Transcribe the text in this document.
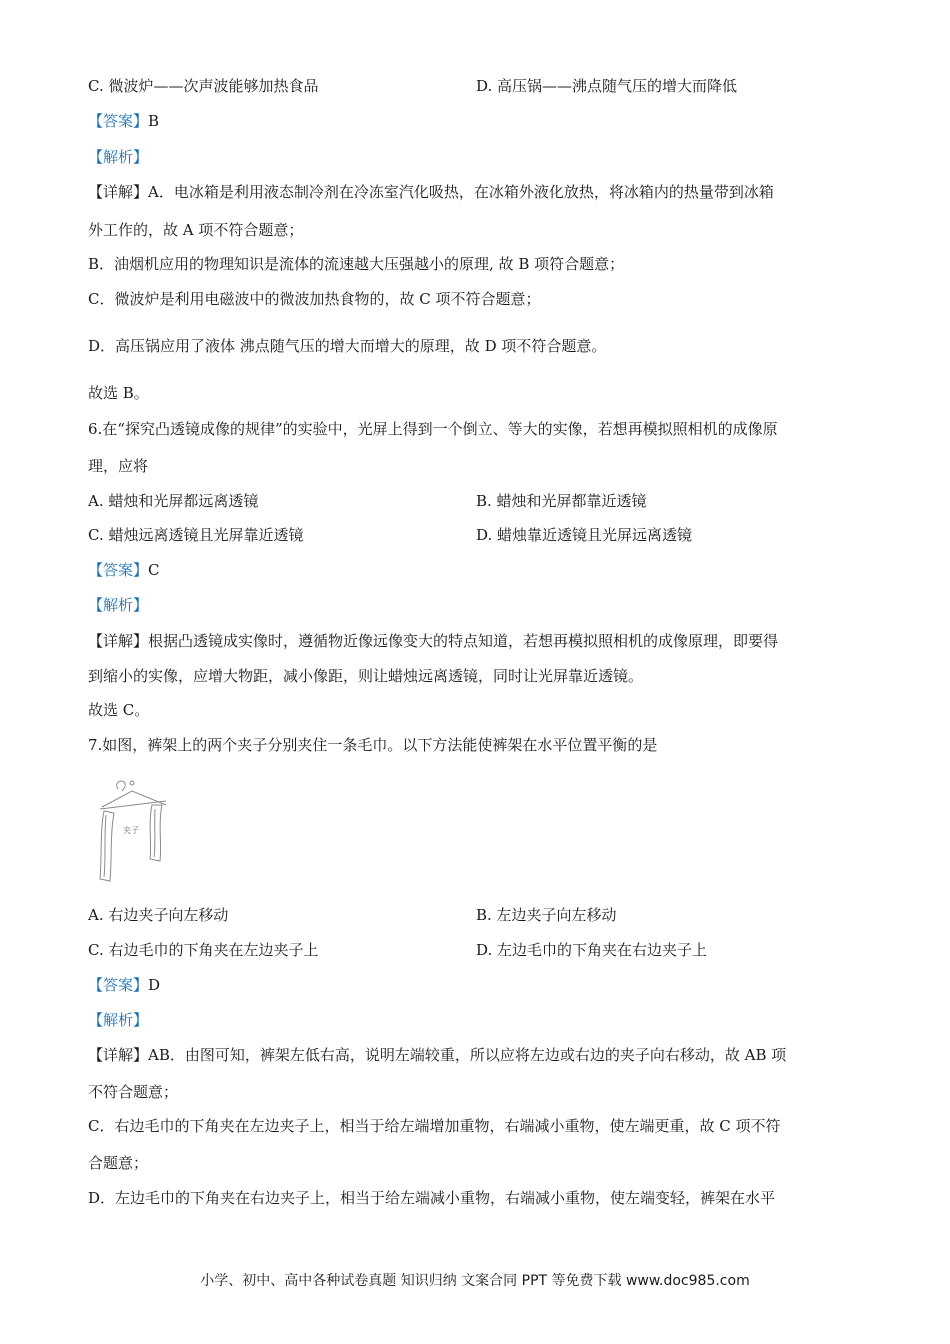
C. 微波炉——次声波能够加热食品	D. 高压锅——沸点随气压的增大而降低
【答案】B
【解析】
【详解】A．电冰箱是利用液态制冷剂在冷冻室汽化吸热，在冰箱外液化放热，将冰箱内的热量带到冰箱
外工作的，故 A 项不符合题意；
B．油烟机应用的物理知识是流体的流速越大压强越小的原理, 故 B 项符合题意；
C．微波炉是利用电磁波中的微波加热食物的，故 C 项不符合题意；
D．高压锅应用了液体 沸点随气压的增大而增大的原理，故 D 项不符合题意。
故选 B。
6.在“探究凸透镜成像的规律”的实验中，光屏上得到一个倒立、等大的实像，若想再模拟照相机的成像原
理，应将
A. 蜡烛和光屏都远离透镜	B. 蜡烛和光屏都靠近透镜
C. 蜡烛远离透镜且光屏靠近透镜	D. 蜡烛靠近透镜且光屏远离透镜
【答案】C
【解析】
【详解】根据凸透镜成实像时，遵循物近像远像变大的特点知道，若想再模拟照相机的成像原理，即要得
到缩小的实像，应增大物距，减小像距，则让蜡烛远离透镜，同时让光屏靠近透镜。
故选 C。
7.如图，裤架上的两个夹子分别夹住一条毛巾。以下方法能使裤架在水平位置平衡的是
夹子
A. 右边夹子向左移动	B. 左边夹子向左移动
C. 右边毛巾的下角夹在左边夹子上	D. 左边毛巾的下角夹在右边夹子上
【答案】D
【解析】
【详解】AB．由图可知，裤架左低右高，说明左端较重，所以应将左边或右边的夹子向右移动，故 AB 项
不符合题意；
C．右边毛巾的下角夹在左边夹子上，相当于给左端增加重物，右端减小重物，使左端更重，故 C 项不符
合题意；
D．左边毛巾的下角夹在右边夹子上，相当于给左端减小重物，右端减小重物，使左端变轻，裤架在水平
小学、初中、高中各种试卷真题 知识归纳 文案合同 PPT 等免费下载 www.doc985.com
